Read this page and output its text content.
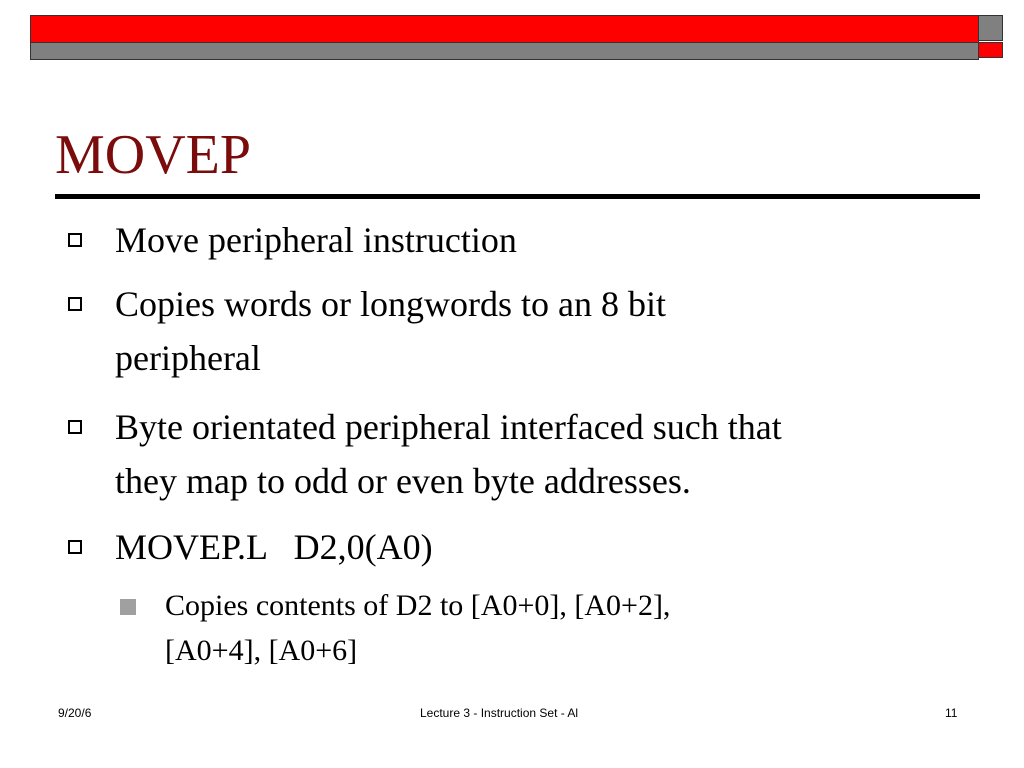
MOVEP
Move peripheral instruction
Copies words or longwords to an 8 bit
peripheral
Byte orientated peripheral interfaced such that
they map to odd or even byte addresses.
MOVEP.L   D2,0(A0)
Copies contents of D2 to [A0+0], [A0+2],
[A0+4], [A0+6]
9/20/6	Lecture 3 - Instruction Set - Al	11
